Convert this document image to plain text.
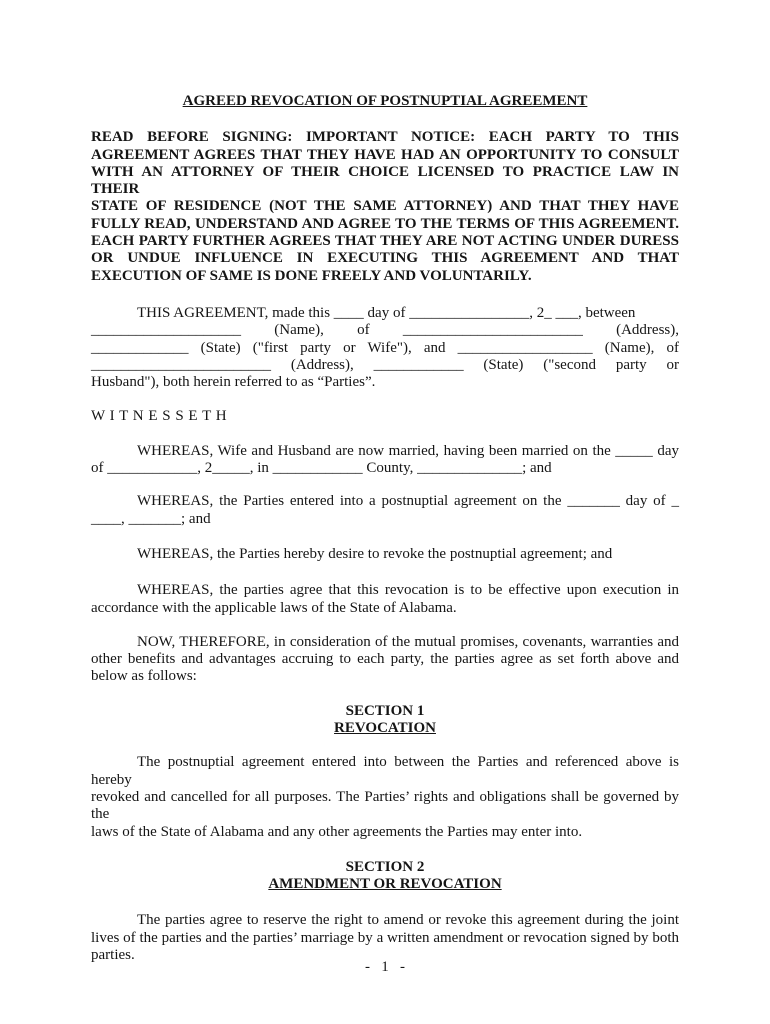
AGREED REVOCATION OF POSTNUPTIAL AGREEMENT
READ BEFORE SIGNING: IMPORTANT NOTICE: EACH PARTY TO THIS
AGREEMENT AGREES THAT THEY HAVE HAD AN OPPORTUNITY TO CONSULT
WITH AN ATTORNEY OF THEIR CHOICE LICENSED TO PRACTICE LAW IN THEIR
STATE OF RESIDENCE (NOT THE SAME ATTORNEY) AND THAT THEY HAVE
FULLY READ, UNDERSTAND AND AGREE TO THE TERMS OF THIS AGREEMENT.
EACH PARTY FURTHER AGREES THAT THEY ARE NOT ACTING UNDER DURESS
OR UNDUE INFLUENCE IN EXECUTING THIS AGREEMENT AND THAT
EXECUTION OF SAME IS DONE FREELY AND VOLUNTARILY.
THIS AGREEMENT, made this ____ day of ________________, 2_ ___, between
____________________ (Name), of ________________________ (Address),
_____________ (State) ("first party or Wife"), and __________________ (Name), of
________________________ (Address), ____________ (State) ("second party or
Husband"), both herein referred to as “Parties”.
W I T N E S S E T H
WHEREAS, Wife and Husband are now married, having been married on the _____ day
of ____________, 2_____, in ____________ County, ______________; and
WHEREAS, the Parties entered into a postnuptial agreement on the _______ day of _
____, _______; and
WHEREAS, the Parties hereby desire to revoke the postnuptial agreement; and
WHEREAS, the parties agree that this revocation is to be effective upon execution in
accordance with the applicable laws of the State of Alabama.
NOW, THEREFORE, in consideration of the mutual promises, covenants, warranties and
other benefits and advantages accruing to each party, the parties agree as set forth above and
below as follows:
SECTION 1
REVOCATION
The postnuptial agreement entered into between the Parties and referenced above is hereby
revoked and cancelled for all purposes. The Parties’ rights and obligations shall be governed by the
laws of the State of Alabama and any other agreements the Parties may enter into.
SECTION 2
AMENDMENT OR REVOCATION
The parties agree to reserve the right to amend or revoke this agreement during the joint
lives of the parties and the parties’ marriage by a written amendment or revocation signed by both
parties.
-   1   -
